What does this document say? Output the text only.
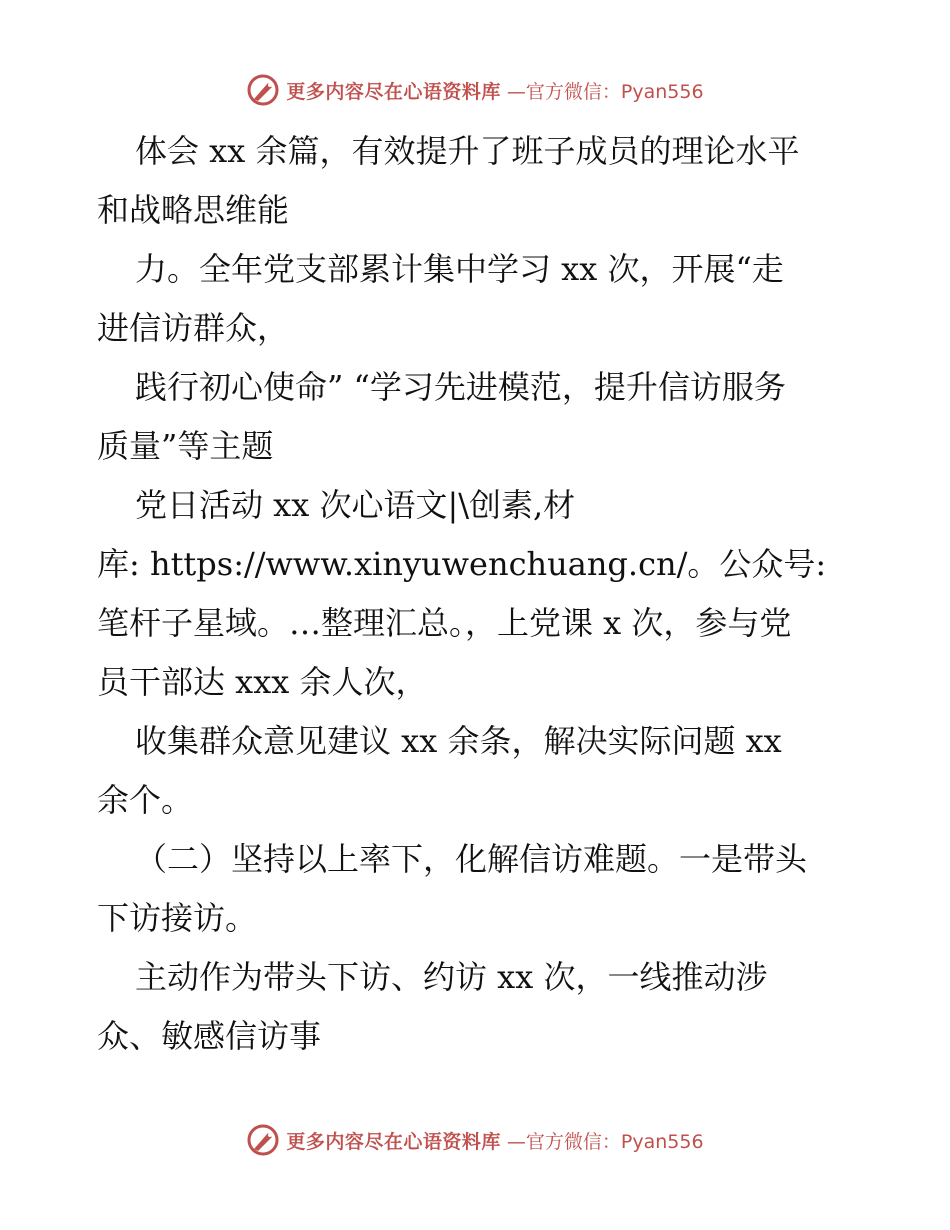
更多内容尽在心语资料库 —官方微信：Pyan556
体会 xx 余篇，有效提升了班子成员的理论水平
和战略思维能
力。全年党支部累计集中学习 xx 次，开展“走
进信访群众，
践行初心使命” “学习先进模范，提升信访服务
质量”等主题
党日活动 xx 次心语文|\创素,材
库: https://www.xinyuwenchuang.cn/。公众号:
笔杆子星域。…整理汇总。，上党课 x 次，参与党
员干部达 xxx 余人次，
收集群众意见建议 xx 余条，解决实际问题 xx
余个。
（二）坚持以上率下，化解信访难题。一是带头
下访接访。
主动作为带头下访、约访 xx 次，一线推动涉
众、敏感信访事
更多内容尽在心语资料库 —官方微信：Pyan556
